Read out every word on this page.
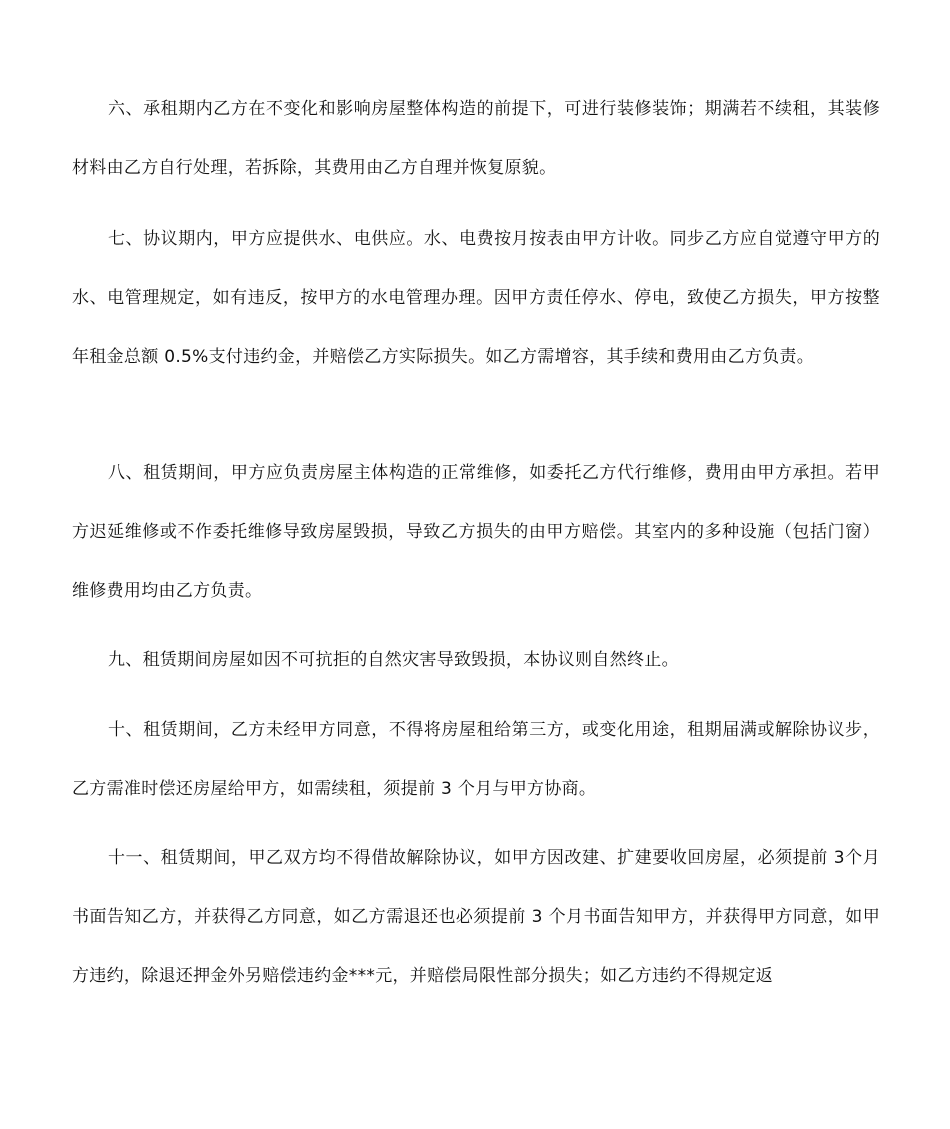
六、承租期内乙方在不变化和影响房屋整体构造的前提下，可进行装修装饰；期满若不续租，其装修材料由乙方自行处理，若拆除，其费用由乙方自理并恢复原貌。

七、协议期内，甲方应提供水、电供应。水、电费按月按表由甲方计收。同步乙方应自觉遵守甲方的水、电管理规定，如有违反，按甲方的水电管理办理。因甲方责任停水、停电，致使乙方损失，甲方按整年租金总额 0.5%支付违约金，并赔偿乙方实际损失。如乙方需增容，其手续和费用由乙方负责。

八、租赁期间，甲方应负责房屋主体构造的正常维修，如委托乙方代行维修，费用由甲方承担。若甲方迟延维修或不作委托维修导致房屋毁损，导致乙方损失的由甲方赔偿。其室内的多种设施（包括门窗）维修费用均由乙方负责。

九、租赁期间房屋如因不可抗拒的自然灾害导致毁损，本协议则自然终止。

十、租赁期间，乙方未经甲方同意，不得将房屋租给第三方，或变化用途，租期届满或解除协议步，乙方需准时偿还房屋给甲方，如需续租，须提前 3 个月与甲方协商。

十一、租赁期间，甲乙双方均不得借故解除协议，如甲方因改建、扩建要收回房屋，必须提前 3个月书面告知乙方，并获得乙方同意，如乙方需退还也必须提前 3 个月书面告知甲方，并获得甲方同意，如甲方违约，除退还押金外另赔偿违约金***元，并赔偿局限性部分损失；如乙方违约不得规定返
